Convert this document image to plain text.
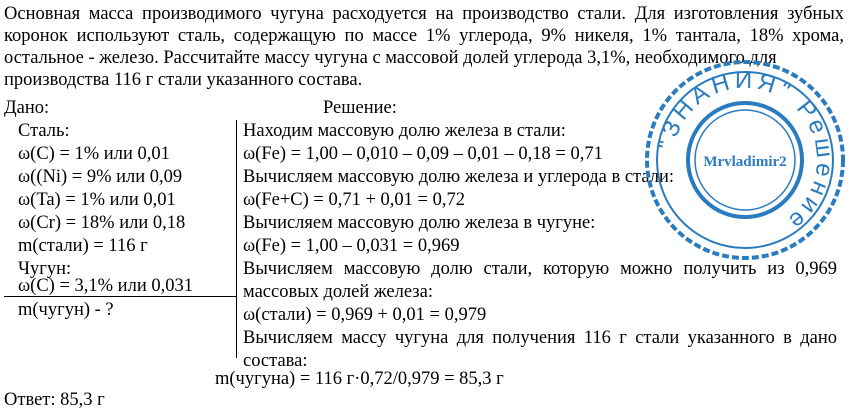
Основная масса производимого чугуна расходуется на производство стали. Для изготовления зубных коронок используют сталь, содержащую по массе 1% углерода, 9% никеля, 1% тантала, 18% хрома, остальное - железо. Рассчитайте массу чугуна с массовой долей углерода 3,1%, необходимого для
производства 116 г стали указанного состава.
Дано:	Решение:
Сталь:
ω(C) = 1% или 0,01
ω((Ni) = 9% или 0,09
ω(Ta) = 1% или 0,01
ω(Cr) = 18% или 0,18
m(стали) = 116 г
Чугун:
ω(C) = 3,1% или 0,031
m(чугун) - ?
Находим массовую долю железа в стали:
ω(Fe) = 1,00 – 0,010 – 0,09 – 0,01 – 0,18 = 0,71
Вычисляем массовую долю железа и углерода в стали:
ω(Fe+C) = 0,71 + 0,01 = 0,72
Вычисляем массовую долю железа в чугуне:
ω(Fe) = 1,00 – 0,031 = 0,969
Вычисляем массовую долю стали, которую можно получить из 0,969
массовых долей железа:
ω(стали) = 0,969 + 0,01 = 0,979
Вычисляем массу чугуна для получения 116 г стали указанного в дано
состава:
m(чугуна) = 116 г·0,72/0,979 = 85,3 г
Ответ: 85,3 г
"ЗНАНИЯ" Решение
Mrvladimir2
